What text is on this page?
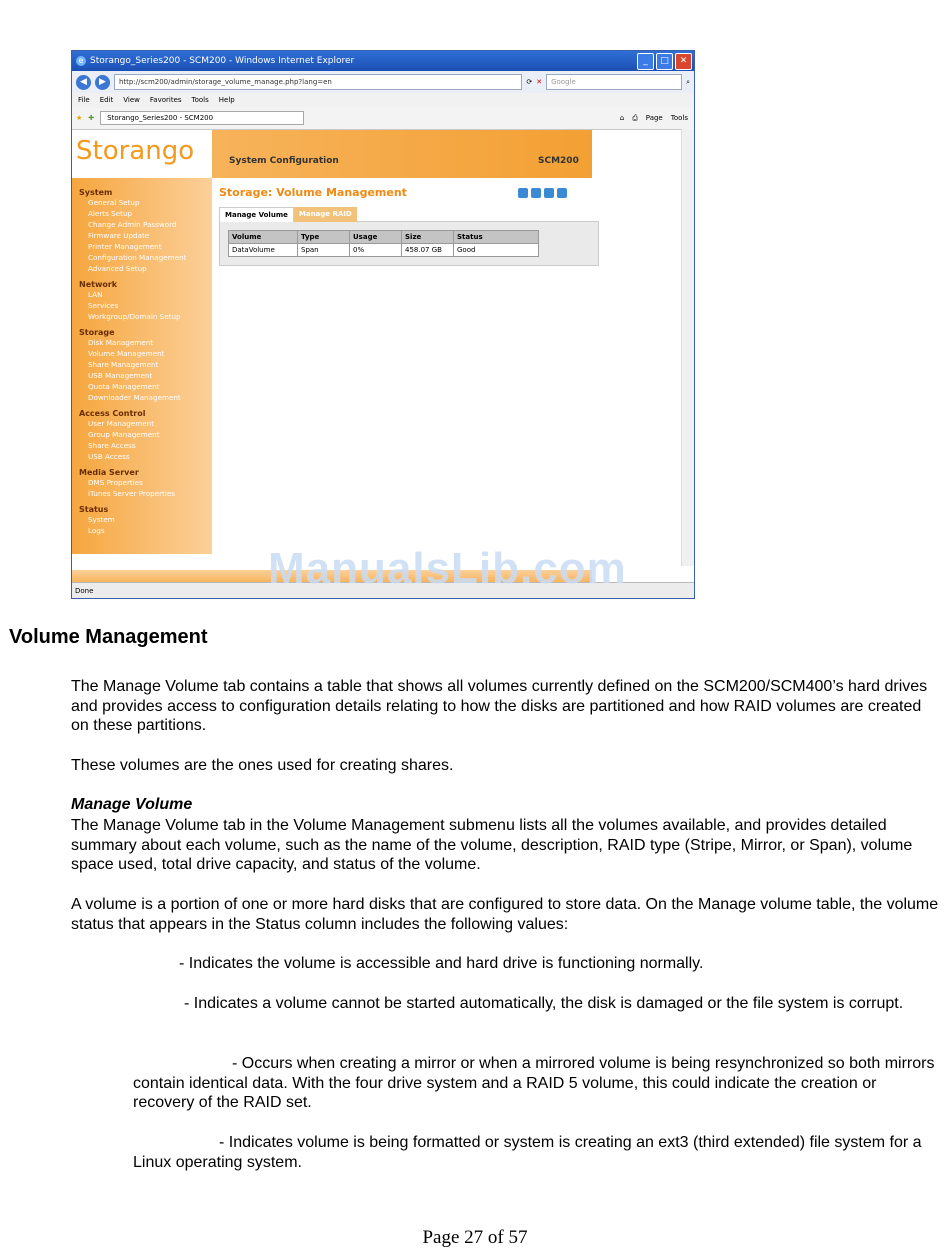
e Storango_Series200 - SCM200 - Windows Internet Explorer	_	□	✕
◀	▶	http://scm200/admin/storage_volume_manage.php?lang=en	⟳ ✕	Google	⌕
File Edit View Favorites Tools Help
★ ✚	Storango_Series200 - SCM200	⌂ ⎙ Page Tools
Storango	System Configuration	SCM200
System
General Setup
Alerts Setup
Change Admin Password
Firmware Update
Printer Management
Configuration Management
Advanced Setup
Network
LAN
Services
Workgroup/Domain Setup
Storage
Disk Management
Volume Management
Share Management
USB Management
Quota Management
Downloader Management
Access Control
User Management
Group Management
Share Access
USB Access
Media Server
DMS Properties
iTunes Server Properties
Status
System
Logs
Storage: Volume Management
Manage Volume	Manage RAID
Volume	Type	Usage	Size	Status
DataVolume	Span	0%	458.07 GB	Good
Done	ManualsLib.com
Volume Management
The Manage Volume tab contains a table that shows all volumes currently defined on the SCM200/SCM400’s hard drives and provides access to configuration details relating to how the disks are partitioned and how RAID volumes are created on these partitions.
These volumes are the ones used for creating shares.
Manage Volume
The Manage Volume tab in the Volume Management submenu lists all the volumes available, and provides detailed summary about each volume, such as the name of the volume, description, RAID type (Stripe, Mirror, or Span), volume space used, total drive capacity, and status of the volume.
A volume is a portion of one or more hard disks that are configured to store data. On the Manage volume table, the volume status that appears in the Status column includes the following values:
- Indicates the volume is accessible and hard drive is functioning normally.
- Indicates a volume cannot be started automatically, the disk is damaged or the file system is corrupt.
- Occurs when creating a mirror or when a mirrored volume is being resynchronized so both mirrors contain identical data. With the four drive system and a RAID 5 volume, this could indicate the creation or recovery of the RAID set.
- Indicates volume is being formatted or system is creating an ext3 (third extended) file system for a Linux operating system.
Page 27 of 57
